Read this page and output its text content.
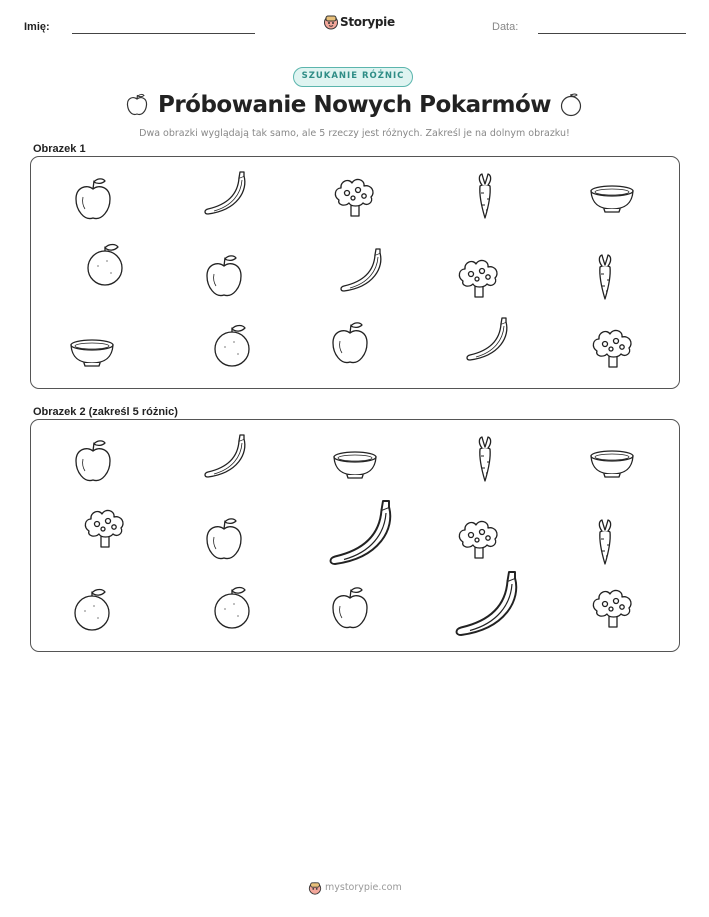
Imię:	Storypie	Data:
SZUKANIE RÓŻNIC
Próbowanie Nowych Pokarmów
Dwa obrazki wyglądają tak samo, ale 5 rzeczy jest różnych. Zakreśl je na dolnym obrazku!
Obrazek 1
Obrazek 2 (zakreśl 5 różnic)
mystorypie.com
